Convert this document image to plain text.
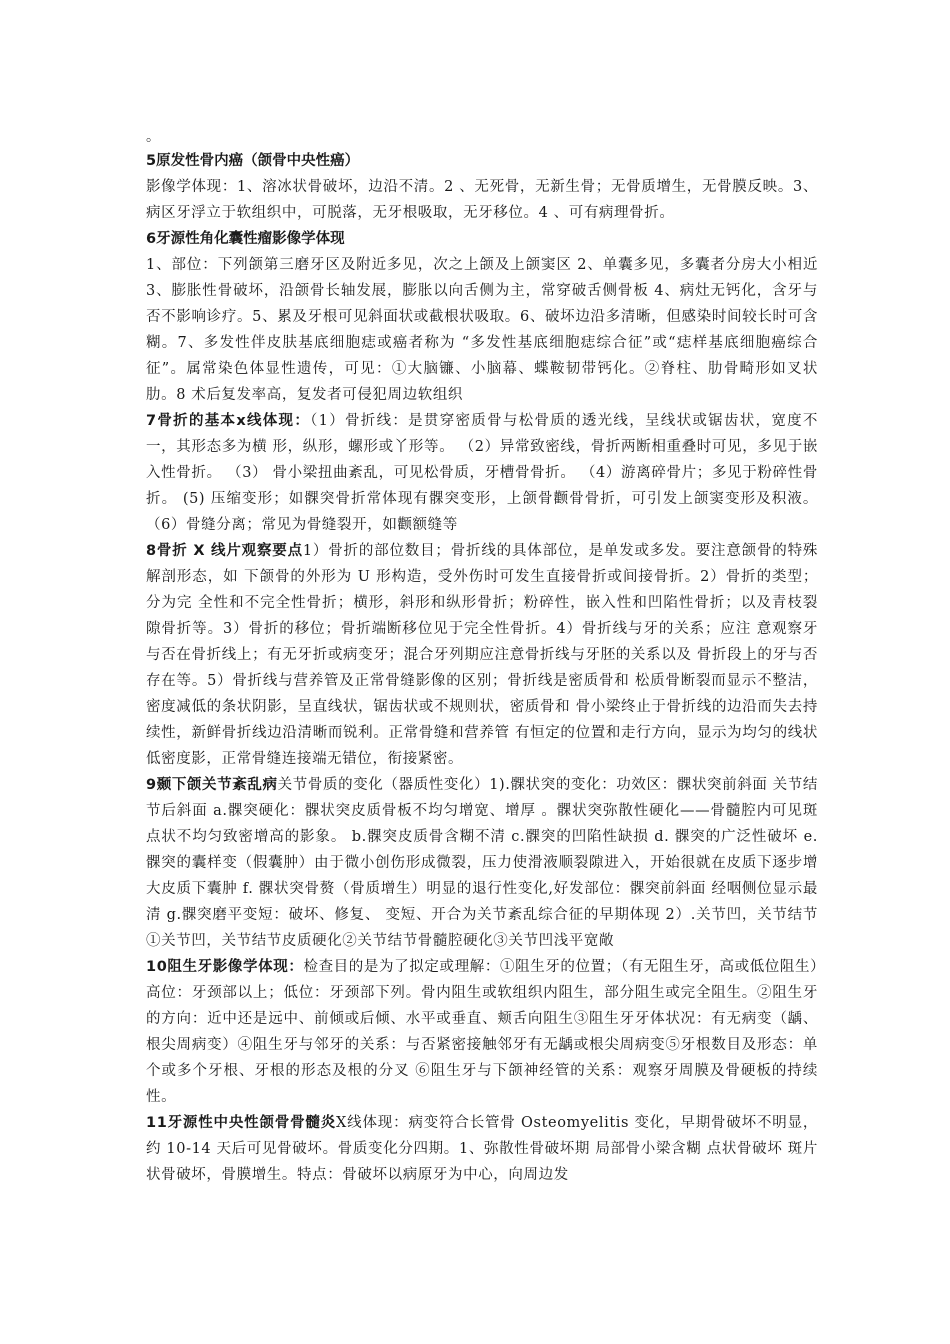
。
5原发性骨内癌（颌骨中央性癌）

影像学体现：1、溶冰状骨破坏，边沿不清。2 、无死骨，无新生骨；无骨质增生，无骨膜反映。3、病区牙浮立于软组织中，可脱落，无牙根吸取，无牙移位。4 、可有病理骨折。

6牙源性角化囊性瘤影像学体现

1、部位：下列颌第三磨牙区及附近多见，次之上颌及上颌窦区 2、单囊多见，多囊者分房大小相近 3、膨胀性骨破坏，沿颌骨长轴发展，膨胀以向舌侧为主，常穿破舌侧骨板 4、病灶无钙化，含牙与否不影响诊疗。5、累及牙根可见斜面状或截根状吸取。6、破坏边沿多清晰，但感染时间较长时可含糊。7、多发性伴皮肤基底细胞痣或癌者称为 “多发性基底细胞痣综合征”或“痣样基底细胞癌综合征”。属常染色体显性遗传，可见：①大脑镰、小脑幕、蝶鞍韧带钙化。②脊柱、肋骨畸形如叉状肋。8 术后复发率高，复发者可侵犯周边软组织

7骨折的基本x线体现：（1）骨折线：是贯穿密质骨与松骨质的透光线，呈线状或锯齿状，宽度不一，其形态多为横 形，纵形，螺形或丫形等。 （2）异常致密线，骨折两断相重叠时可见，多见于嵌入性骨折。 （3） 骨小梁扭曲紊乱，可见松骨质，牙槽骨骨折。 （4）游离碎骨片；多见于粉碎性骨折。 (5) 压缩变形；如髁突骨折常体现有髁突变形，上颌骨颧骨骨折，可引发上颌窦变形及积液。 （6）骨缝分离；常见为骨缝裂开，如颧额缝等

8骨折 X 线片观察要点1）骨折的部位数目；骨折线的具体部位，是单发或多发。要注意颌骨的特殊解剖形态，如 下颌骨的外形为 U 形构造，受外伤时可发生直接骨折或间接骨折。2）骨折的类型；分为完 全性和不完全性骨折；横形，斜形和纵形骨折；粉碎性，嵌入性和凹陷性骨折；以及青枝裂 隙骨折等。3）骨折的移位；骨折端断移位见于完全性骨折。4）骨折线与牙的关系；应注 意观察牙与否在骨折线上；有无牙折或病变牙；混合牙列期应注意骨折线与牙胚的关系以及 骨折段上的牙与否存在等。5）骨折线与营养管及正常骨缝影像的区别；骨折线是密质骨和 松质骨断裂而显示不整洁，密度减低的条状阴影，呈直线状，锯齿状或不规则状，密质骨和 骨小梁终止于骨折线的边沿而失去持续性，新鲜骨折线边沿清晰而锐利。正常骨缝和营养管 有恒定的位置和走行方向，显示为均匀的线状低密度影，正常骨缝连接端无错位，衔接紧密。

9颞下颌关节紊乱病关节骨质的变化（器质性变化）1).髁状突的变化：功效区：髁状突前斜面 关节结节后斜面 a.髁突硬化：髁状突皮质骨板不均匀增宽、增厚 。髁状突弥散性硬化——骨髓腔内可见斑点状不均匀致密增高的影象。 b.髁突皮质骨含糊不清 c.髁突的凹陷性缺损 d. 髁突的广泛性破坏 e. 髁突的囊样变（假囊肿）由于微小创伤形成微裂，压力使滑液顺裂隙进入，开始很就在皮质下逐步增大皮质下囊肿 f. 髁状突骨赘（骨质增生）明显的退行性变化,好发部位：髁突前斜面 经咽侧位显示最清 g.髁突磨平变短：破坏、修复、 变短、开合为关节紊乱综合征的早期体现 2）.关节凹，关节结节①关节凹，关节结节皮质硬化②关节结节骨髓腔硬化③关节凹浅平宽敞

10阻生牙影像学体现：检查目的是为了拟定或理解：①阻生牙的位置；（有无阻生牙，高或低位阻生）高位：牙颈部以上；低位：牙颈部下列。骨内阻生或软组织内阻生，部分阻生或完全阻生。②阻生牙的方向：近中还是远中、前倾或后倾、水平或垂直、颊舌向阻生③阻生牙牙体状况：有无病变（龋、根尖周病变）④阻生牙与邻牙的关系：与否紧密接触邻牙有无龋或根尖周病变⑤牙根数目及形态：单个或多个牙根、牙根的形态及根的分叉 ⑥阻生牙与下颌神经管的关系：观察牙周膜及骨硬板的持续性。

11牙源性中央性颌骨骨髓炎X线体现：病变符合长管骨 Osteomyelitis 变化，早期骨破坏不明显，约 10-14 天后可见骨破坏。骨质变化分四期。1、弥散性骨破坏期 局部骨小梁含糊 点状骨破坏 斑片状骨破坏，骨膜增生。特点：骨破坏以病原牙为中心，向周边发
